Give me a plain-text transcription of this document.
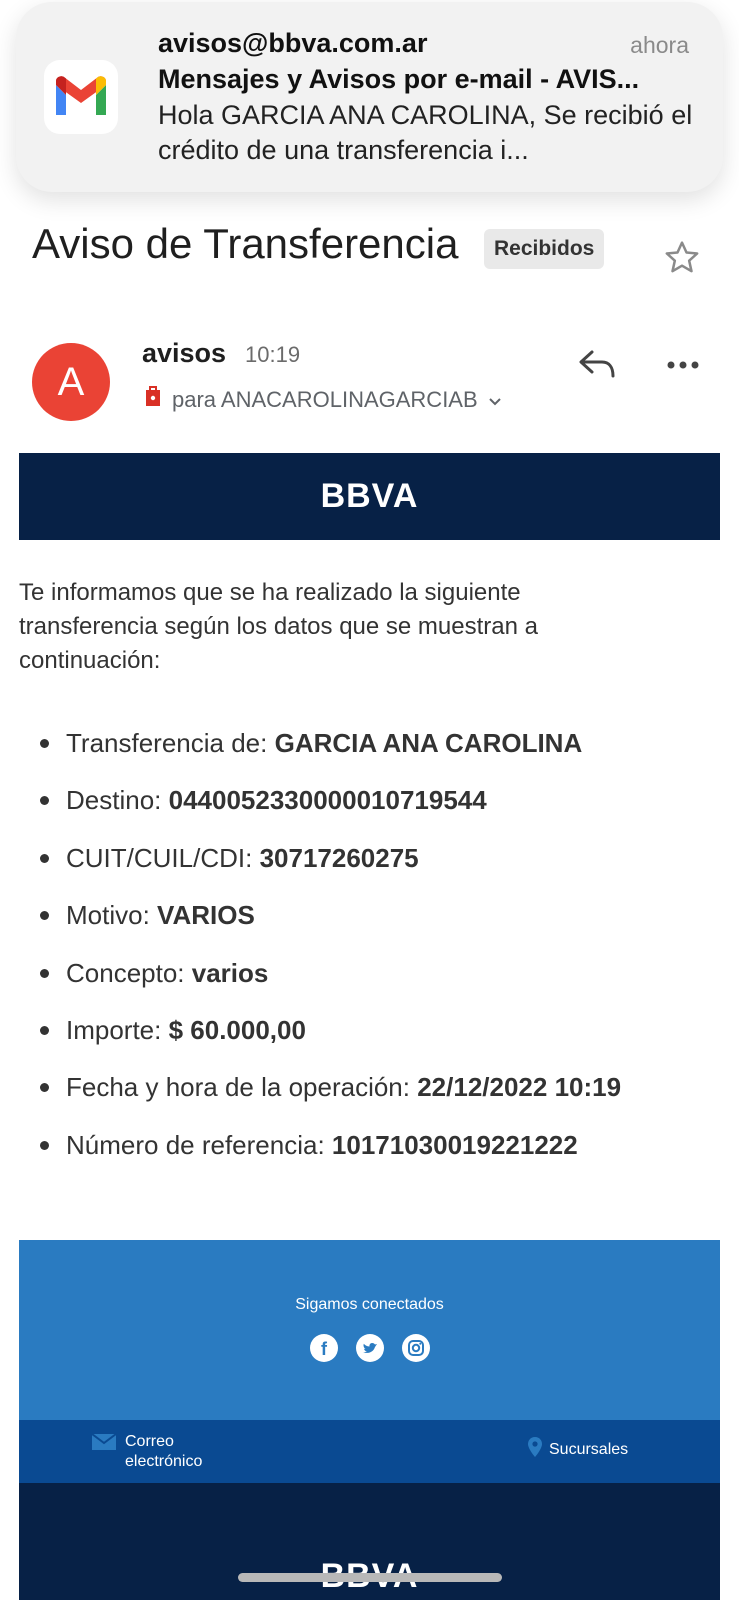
avisos@bbva.com.ar	ahora
Mensajes y Avisos por e-mail - AVIS...
Hola GARCIA ANA CAROLINA, Se recibió el crédito de una transferencia i...
Aviso de Transferencia	Recibidos
A
avisos 10:19
para ANACAROLINAGARCIAB
BBVA
Te informamos que se ha realizado la siguiente transferencia según los datos que se muestran a continuación:
Transferencia de: GARCIA ANA CAROLINA
Destino: 0440052330000010719544
CUIT/CUIL/CDI: 30717260275
Motivo: VARIOS
Concepto: varios
Importe: $ 60.000,00
Fecha y hora de la operación: 22/12/2022 10:19
Número de referencia: 10171030019221222
Sigamos conectados
f
Correo electrónico
Sucursales
